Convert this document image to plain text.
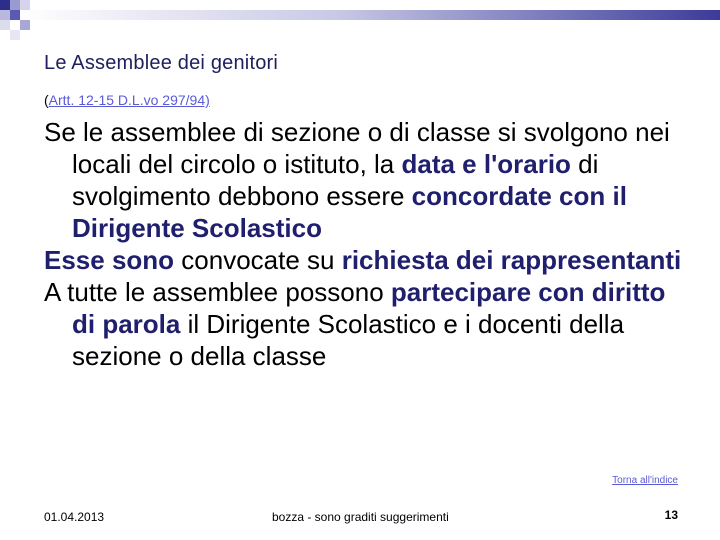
Le Assemblee dei genitori
(Artt. 12-15 D.L.vo 297/94)

Se le assemblee di sezione o di classe si svolgono nei locali del circolo o istituto, la data e l'orario di svolgimento debbono essere concordate con il Dirigente Scolastico

Esse sono convocate su richiesta dei rappresentanti

A tutte le assemblee possono partecipare con diritto di parola il Dirigente Scolastico e i docenti della sezione o della classe

Torna all'indice
01.04.2013	bozza - sono graditi suggerimenti	13
